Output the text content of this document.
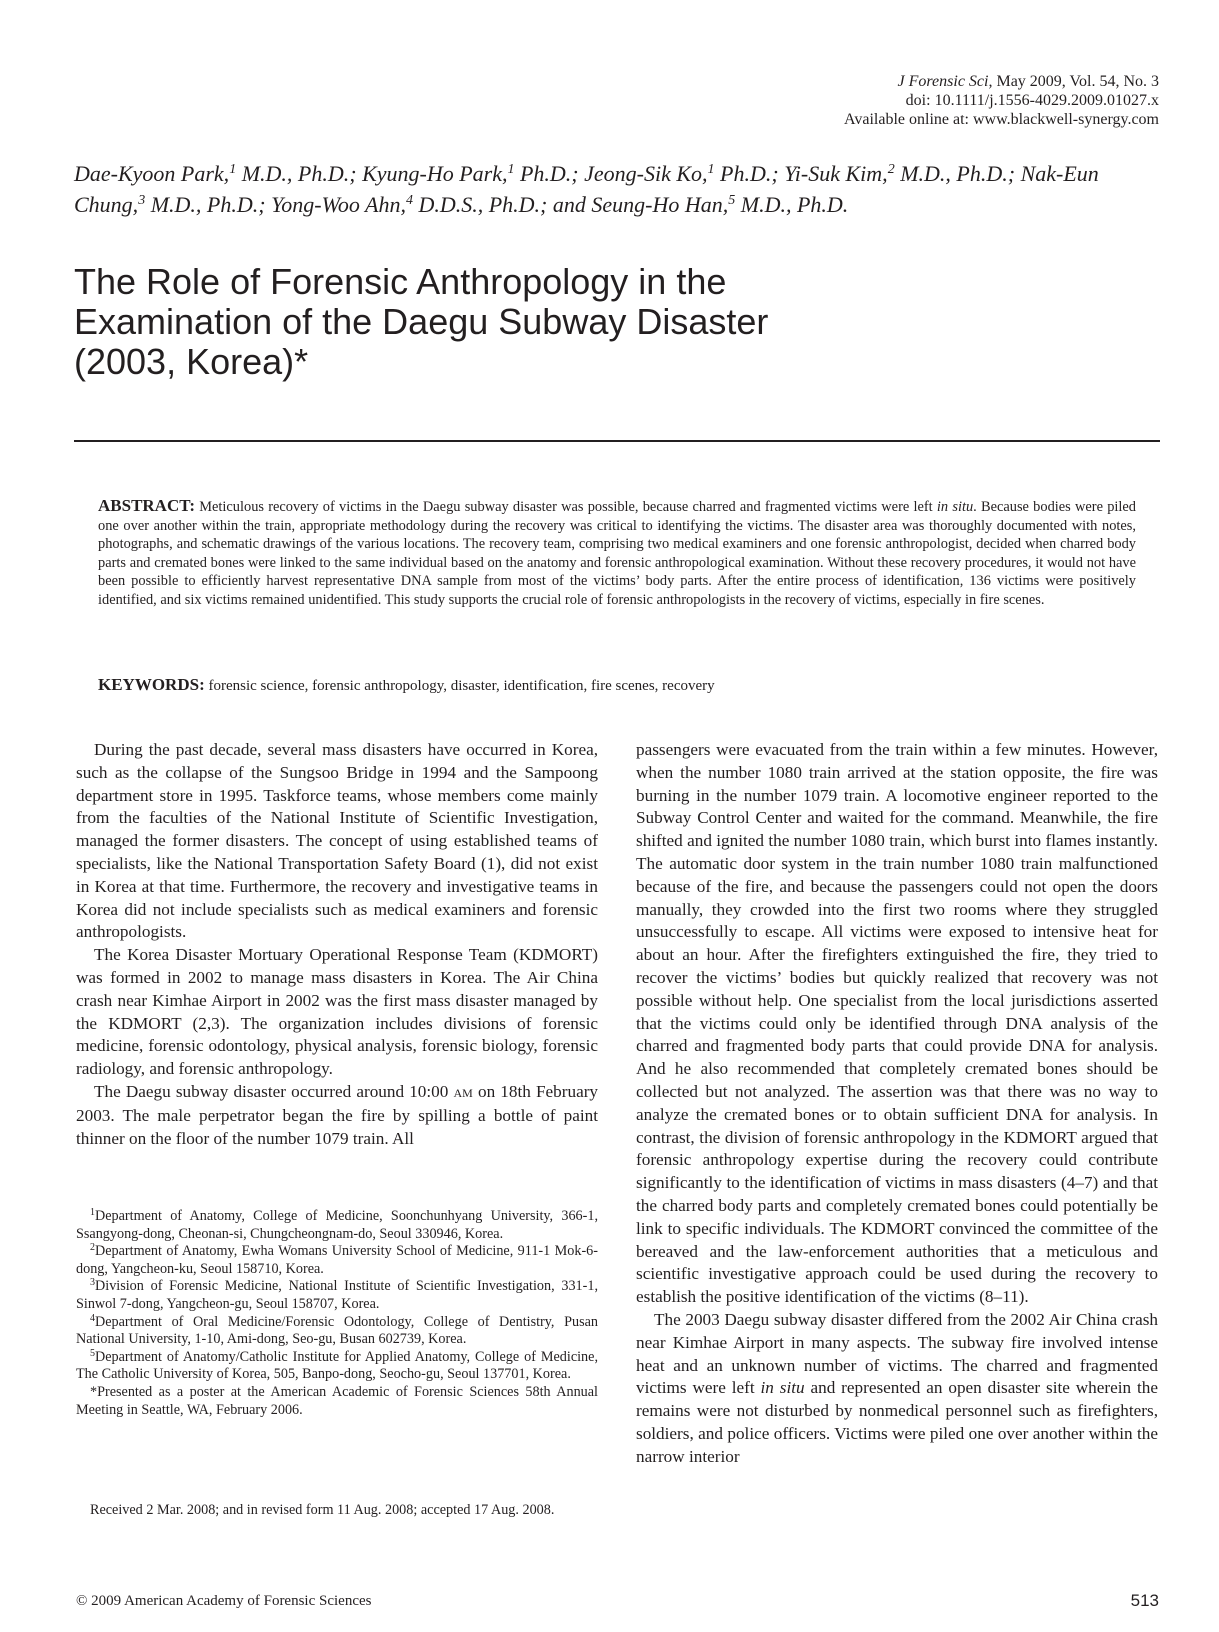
J Forensic Sci, May 2009, Vol. 54, No. 3
doi: 10.1111/j.1556-4029.2009.01027.x
Available online at: www.blackwell-synergy.com
Dae-Kyoon Park,$^1$ M.D., Ph.D.; Kyung-Ho Park,$^1$ Ph.D.; Jeong-Sik Ko,$^1$ Ph.D.; Yi-Suk Kim,$^2$ M.D., Ph.D.; Nak-Eun Chung,$^3$ M.D., Ph.D.; Yong-Woo Ahn,$^4$ D.D.S., Ph.D.; and Seung-Ho Han,$^5$ M.D., Ph.D.
The Role of Forensic Anthropology in the
Examination of the Daegu Subway Disaster
(2003, Korea)*
ABSTRACT: Meticulous recovery of victims in the Daegu subway disaster was possible, because charred and fragmented victims were left in situ. Because bodies were piled one over another within the train, appropriate methodology during the recovery was critical to identifying the victims. The disaster area was thoroughly documented with notes, photographs, and schematic drawings of the various locations. The recovery team, comprising two medical examiners and one forensic anthropologist, decided when charred body parts and cremated bones were linked to the same individual based on the anatomy and forensic anthropological examination. Without these recovery procedures, it would not have been possible to efficiently harvest representative DNA sample from most of the victims’ body parts. After the entire process of identification, 136 victims were positively identified, and six victims remained unidentified. This study supports the crucial role of forensic anthropologists in the recovery of victims, especially in fire scenes.
KEYWORDS: forensic science, forensic anthropology, disaster, identification, fire scenes, recovery

During the past decade, several mass disasters have occurred in Korea, such as the collapse of the Sungsoo Bridge in 1994 and the Sampoong department store in 1995. Taskforce teams, whose members come mainly from the faculties of the National Institute of Scientific Investigation, managed the former disasters. The concept of using established teams of specialists, like the National Transportation Safety Board (1), did not exist in Korea at that time. Furthermore, the recovery and investigative teams in Korea did not include specialists such as medical examiners and forensic anthropologists.

The Korea Disaster Mortuary Operational Response Team (KDMORT) was formed in 2002 to manage mass disasters in Korea. The Air China crash near Kimhae Airport in 2002 was the first mass disaster managed by the KDMORT (2,3). The organization includes divisions of forensic medicine, forensic odontology, physical analysis, forensic biology, forensic radiology, and forensic anthropology.

The Daegu subway disaster occurred around 10:00 AM on 18th February 2003. The male perpetrator began the fire by spilling a bottle of paint thinner on the floor of the number 1079 train. All

$^1$Department of Anatomy, College of Medicine, Soonchunhyang University, 366-1, Ssangyong-dong, Cheonan-si, Chungcheongnam-do, Seoul 330946, Korea.

$^2$Department of Anatomy, Ewha Womans University School of Medicine, 911-1 Mok-6-dong, Yangcheon-ku, Seoul 158710, Korea.

$^3$Division of Forensic Medicine, National Institute of Scientific Investigation, 331-1, Sinwol 7-dong, Yangcheon-gu, Seoul 158707, Korea.

$^4$Department of Oral Medicine/Forensic Odontology, College of Dentistry, Pusan National University, 1-10, Ami-dong, Seo-gu, Busan 602739, Korea.

$^5$Department of Anatomy/Catholic Institute for Applied Anatomy, College of Medicine, The Catholic University of Korea, 505, Banpo-dong, Seocho-gu, Seoul 137701, Korea.

*Presented as a poster at the American Academic of Forensic Sciences 58th Annual Meeting in Seattle, WA, February 2006.

Received 2 Mar. 2008; and in revised form 11 Aug. 2008; accepted 17 Aug. 2008.

passengers were evacuated from the train within a few minutes. However, when the number 1080 train arrived at the station opposite, the fire was burning in the number 1079 train. A locomotive engineer reported to the Subway Control Center and waited for the command. Meanwhile, the fire shifted and ignited the number 1080 train, which burst into flames instantly. The automatic door system in the train number 1080 train malfunctioned because of the fire, and because the passengers could not open the doors manually, they crowded into the first two rooms where they struggled unsuccessfully to escape. All victims were exposed to intensive heat for about an hour. After the firefighters extinguished the fire, they tried to recover the victims’ bodies but quickly realized that recovery was not possible without help. One specialist from the local jurisdictions asserted that the victims could only be identified through DNA analysis of the charred and fragmented body parts that could provide DNA for analysis. And he also recommended that completely cremated bones should be collected but not analyzed. The assertion was that there was no way to analyze the cremated bones or to obtain sufficient DNA for analysis. In contrast, the division of forensic anthropology in the KDMORT argued that forensic anthropology expertise during the recovery could contribute significantly to the identification of victims in mass disasters (4–7) and that the charred body parts and completely cremated bones could potentially be link to specific individuals. The KDMORT convinced the committee of the bereaved and the law-enforcement authorities that a meticulous and scientific investigative approach could be used during the recovery to establish the positive identification of the victims (8–11).

The 2003 Daegu subway disaster differed from the 2002 Air China crash near Kimhae Airport in many aspects. The subway fire involved intense heat and an unknown number of victims. The charred and fragmented victims were left in situ and represented an open disaster site wherein the remains were not disturbed by nonmedical personnel such as firefighters, soldiers, and police officers. Victims were piled one over another within the narrow interior

© 2009 American Academy of Forensic Sciences	513
